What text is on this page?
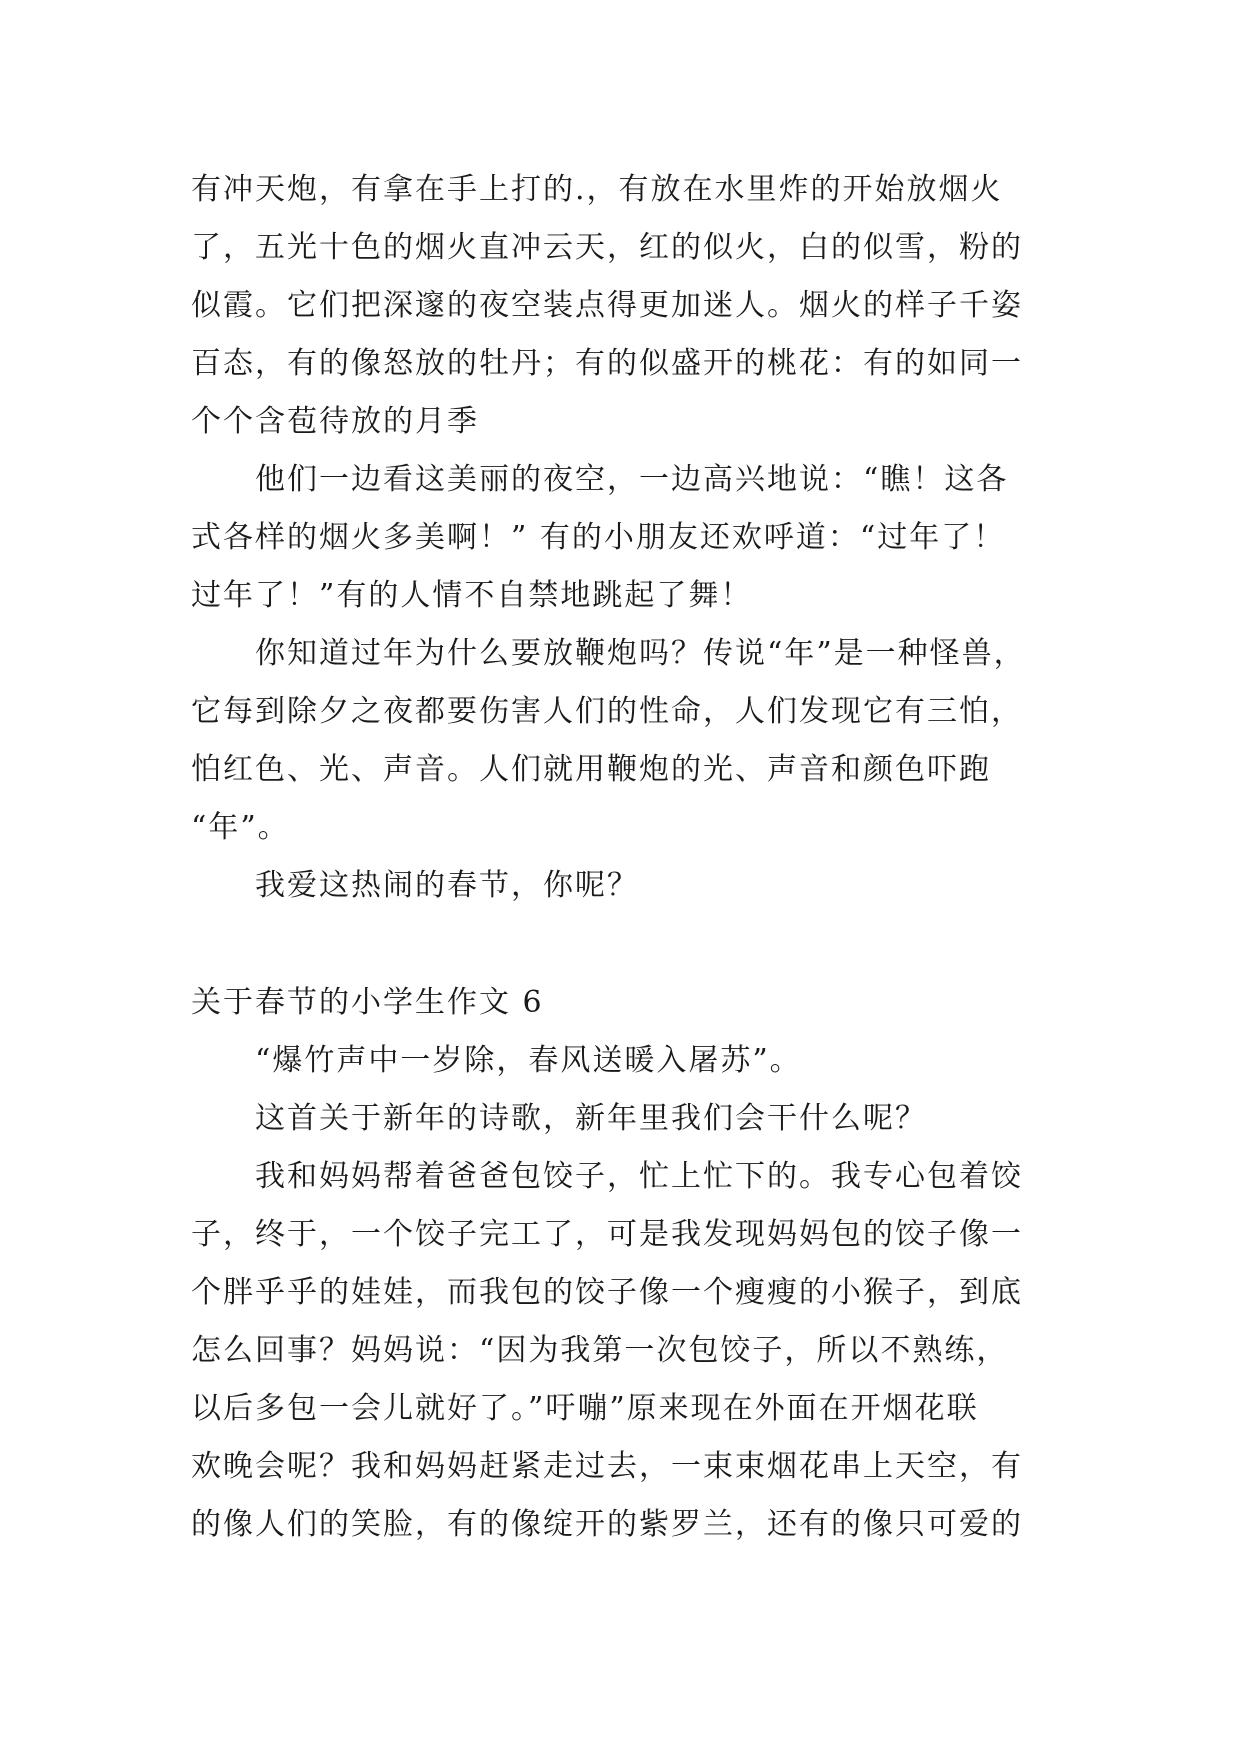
有冲天炮，有拿在手上打的.，有放在水里炸的开始放烟火
了，五光十色的烟火直冲云天，红的似火，白的似雪，粉的
似霞。它们把深邃的夜空装点得更加迷人。烟火的样子千姿
百态，有的像怒放的牡丹；有的似盛开的桃花：有的如同一
个个含苞待放的月季
他们一边看这美丽的夜空，一边高兴地说：“瞧！这各
式各样的烟火多美啊！” 有的小朋友还欢呼道：“过年了！
过年了！”有的人情不自禁地跳起了舞！
你知道过年为什么要放鞭炮吗？传说“年”是一种怪兽，
它每到除夕之夜都要伤害人们的性命，人们发现它有三怕，
怕红色、光、声音。人们就用鞭炮的光、声音和颜色吓跑
“年”。
我爱这热闹的春节，你呢？
关于春节的小学生作文 6
“爆竹声中一岁除，春风送暖入屠苏”。
这首关于新年的诗歌，新年里我们会干什么呢？
我和妈妈帮着爸爸包饺子，忙上忙下的。我专心包着饺
子，终于，一个饺子完工了，可是我发现妈妈包的饺子像一
个胖乎乎的娃娃，而我包的饺子像一个瘦瘦的小猴子，到底
怎么回事？妈妈说：“因为我第一次包饺子，所以不熟练，
以后多包一会儿就好了。”吁嘣”原来现在外面在开烟花联
欢晚会呢？我和妈妈赶紧走过去，一束束烟花串上天空，有
的像人们的笑脸，有的像绽开的紫罗兰，还有的像只可爱的
